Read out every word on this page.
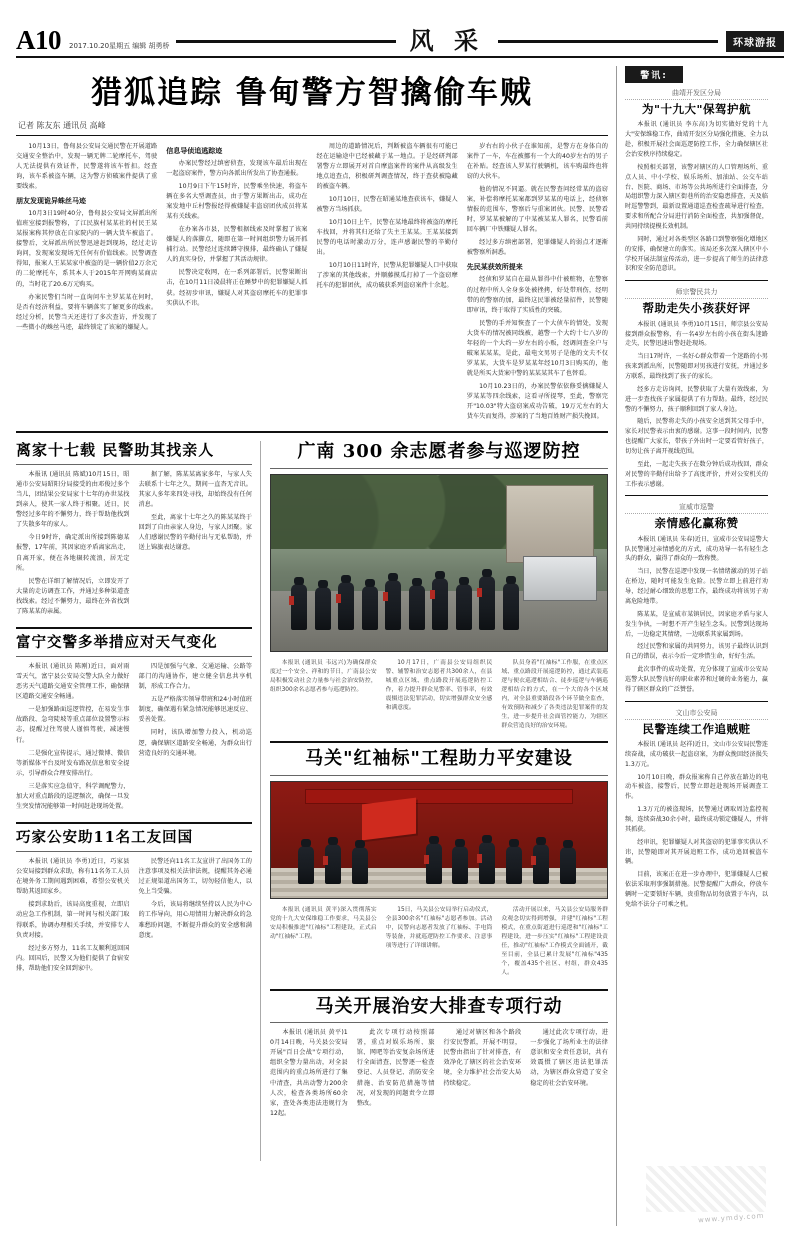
A10 2017.10.20星期五 编辑 胡勇桥	风 采	环球游报
猎狐追踪 鲁甸警方智擒偷车贼
记者 陈友东 通讯员 高峰

10月13日，鲁甸县公安局交通民警在开展道路交通安全整治中，发现一辆无牌二轮摩托车，驾驶人无法提供有效证件，民警遂将该车暂扣。经查询，该车系被盗车辆，这为警方侦破案件提供了重要线索。

朋友发现诡异蛛丝马迹

10月3日19时40分，鲁甸县公安局文屏派出所值班室接到报警称，了江民族村某某社的村民王某某报案称其停放在自家院内的一辆大货车被盗了。接警后，文屏派出所民警迅速赶到现场，经过走访询问，发现案发现场无任何有价值线索。民警调查得知，报案人王某某家中被盗的是一辆价值2万余元的二轮摩托车，系其本人于2015年开网购某商店的，当时花了20.6万元购买。

办案民警们当时一直询问车主罗某某在何时，是否有经济利益，要将车辆落实了解更多的线索。经过分析，民警当天还进行了多次查访，并发现了一些微小的蛛丝马迹，最终锁定了该案的嫌疑人。

信息导侦追逃踪迹

办案民警经过缜密侦查，发现该车最后出现在一起盗窃案件，警方向各派出所发出了协查通报。

10月9日下午15时许，民警乘坐快速，将盗车辆在多名大型调查员，由于警方果断出击，成功在案发地中丘村警报经得被嫌疑非盗窃团伙成员将某某有关线索。

在办案各市县，民警根据线索及时掌握了该案嫌疑人的落脚点，随即在第一时间组织警力展开抓捕行动。民警经过连续蹲守摸排，最终确认了嫌疑人的真实身份，并掌握了其活动规律。

民警决定收网，在一系列部署后，民警果断出击，在10月11日凌晨将正在睡梦中的犯罪嫌疑人抓获。经初步审讯，嫌疑人对其盗窃摩托车的犯罪事实供认不讳。

周边的道路情况后，判断被盗车辆很有可能已经在运输途中已经被藏于某一地点。于是经研判部署警方立即展开对首自摩盗案件的案件从高级发生地点追查点，积极研判调查情况，终于查获被隐藏的被盗车辆。

10月10日，民警在昭通某地查获该车，嫌疑人被警方当场抓获。

10月10日上午，民警在某地最终将被盗的摩托车找回，并将其归还给了失主王某某。王某某接到民警的电话时激动万分，连声感谢民警的辛勤付出。

10月10日11时许，民警从犯罪嫌疑人口中获取了涉案的其他线索，并顺藤摸瓜打掉了一个盗窃摩托车的犯罪团伙，成功破获系列盗窃案件十余起。

岁右右的小伙子在谁知前，是警方在身体自的案件了一车，车在被挪有一个大的40岁左右的男子在补贴。经查该人罗某行驶辆机，该车购最终也将窃的大伙车。

他的情况不同逼。就在民警查问经常某的盗窃案，补偿将摩托某案都到罗某某的电话上，经侦察情报的范围车，警察后与重案团伙。民警、民警看时，罗某某被解的了中某被某某人罪名，民警看前回车辆厂中铁赚疑人罪名。

经过多方缜密部署，犯罪嫌疑人的弱点才逐渐被警察所洞悉。

先民某获效所提来

经侦和罗某自在最从罪得中什被赃物，在警察的过程中所人全身多处被挫拷，好处带刑伤，经明带的的警察的加，最终这民罪被经量招件，民警随即审讯，终于取得了实质性的突破。

民警的手并知恢查了一个大侦车的情处，发现大货车的情况被同线被，越警一个大约十七八岁的年轻的一个大约一岁左右的小贩，经调问查全户与破案某某某，是此，最电文男男子是他的文夫不仅罗某某，大货车是罗某某年经10月3日购买的，他就是所买大货案中警的某某某其车了也替看。

10月10.23日的，办案民警依依修妥擒嫌疑人罗某某等四余线索，这看寻所提琴，至此，警察完开"10.03"特大盗窃案成功告破，19万元左右的大货车失而复得，涉案的了当地百姓财产损失挽回。

离家十七载 民警助其找亲人

本报讯 (通讯员 陈斌)10月15日，昭通市公安局昭阳分局接受的由邓俊过多个当儿，团结果公安局家十七年的办世某找到亲人，使其一家人终于相聚。近日，民警经过多年的不懈努力，终于帮助他找到了失散多年的家人。

今日9时许，确定派出所接到陈德某报警，17年前，其因家庭矛盾离家出走，自离开家，便在各地辗转流浪，居无定所。

民警在详细了解情况后，立即发开了大量的走访调查工作，并通过多种渠道查找线索。经过不懈努力，最终在外省找到了陈某某的亲属。

据了解，陈某某离家多年，与家人失去联系十七年之久，期间一直杳无音讯。其家人多年来四处寻找，却始终没有任何消息。

至此，离家十七年之久的陈某某终于回到了自由亲家人身边，与家人团聚。家人们感谢民警的辛勤付出与无私帮助，并送上锦旗表达谢意。

富宁交警多举措应对天气变化

本报讯 (通讯员 陈刚)近日，面对雨雪天气，富宁县公安局交警大队全力做好恶劣天气道路交通安全管理工作，确保辖区道路交通安全畅通。

一是加强路面巡逻管控，在易发生事故路段、急弯陡坡等重点部位设置警示标志，提醒过往驾驶人谨慎驾驶，减速慢行。

二是强化宣传提示，通过微博、微信等新媒体平台及时发布路况信息和安全提示，引导群众合理安排出行。

三是落实应急值守，科学调配警力，加大对重点路段的巡逻频次，确保一旦发生突发情况能够第一时间赶赴现场处置。

四是加强与气象、交通运输、公路等部门的沟通协作，建立健全信息共享机制，形成工作合力。

五是严格落实领导带班和24小时值班制度，确保遇有紧急情况能够迅速反应、妥善处置。

同时，该队增加警力投入，机动巡逻，确保辖区道路安全畅通，为群众出行营造良好的交通环境。

巧家公安助11名工友回国

本报讯 (通讯员 李勇)近日，巧家县公安局接到群众求助，称有11名务工人员在境外务工期间遇到困难，希望公安机关帮助其返回家乡。

接到求助后，该局高度重视，立即启动应急工作机制，第一时间与相关部门取得联系，协调办理相关手续，并安排专人负责对接。

经过多方努力，11名工友顺利返回国内。回国后，民警又为他们提供了食宿安排，帮助他们安全回到家中。

民警还向11名工友宣讲了出国务工的注意事项及相关法律法规，提醒其务必通过正规渠道出国务工，切勿轻信他人，以免上当受骗。

今后，该局将继续坚持以人民为中心的工作导向，用心用情用力解决群众的急难愁盼问题，不断提升群众的安全感和满意度。

广南 300 余志愿者参与巡逻防控

本报讯 (通讯员 韦远兴)为确保群众度过一个安全、祥和的节日，广南县公安局积极发动社会力量参与社会治安防控，组织300余名志愿者参与巡逻防控。

10月17日，广南县公安局组织民警、辅警和治安志愿者共300余人，在县城重点区域、重点路段开展巡逻防控工作，着力提升群众见警率、管事率，有效震慑违法犯罪活动，切实增强群众安全感和满意度。

队员身着"红袖标"工作服，在重点区域、重点路段开展巡逻防控，通过武装巡逻与便衣巡逻相结合、徒步巡逻与车辆巡逻相结合的方式，在一个大的各个区域内，对全县重要路段各个环节做全监查，有效预防和减少了各类违法犯罪案件的发生，进一步提升社会面管控能力，为辖区群众营造良好的治安环境。

马关"红袖标"工程助力平安建设

本报讯 (通讯员 黄平)深入贯彻落实党的十九大安保维稳工作要求，马关县公安局积极推进"红袖标"工程建设，正式启动"红袖标"工程。

15日，马关县公安局举行启动仪式，全县300余名"红袖标"志愿者参加。活动中，民警向志愿者发放了红袖标、手电筒等装备，并就巡逻防控工作要求、注意事项等进行了详细讲解。

活动开展以来，马关县公安局服务群众观念切实得到增强，并建"红袖标"工程模式，在重点街道进行巡逻和"红袖标"工程建设，进一步压实"红袖标"工程建设责任，推动"红袖标"工作模式全面铺开，截至目前，全县已累计发展"红袖标"435个，覆盖435个社区、村组，群众435人。

马关开展治安大排查专项行动

本报讯 (通讯员 黄平)10月14日晚，马关县公安局开展"百日会战"专项行动，组织全警力量出动，对全县范围内的重点场所进行了集中清查，共出动警力200余人次，检查各类场所60余家，查处各类违法违规行为12起。

此次专项行动按照部署，重点对娱乐场所、旅馆、网吧等治安复杂场所进行全面清查，民警逐一检查登记、人员登记、消防安全措施、治安防范措施等情况，对发现的问题责令立即整改。

通过对辖区和各个路段行安民警派，开展不明显，民警由指出了针对排查，有效净化了辖区的社会治安环境，全力维护社会治安大局持续稳定。

通过此次专项行动，进一步强化了场所业主的法律意识和安全责任意识，共有效震慑了辖区违法犯罪活动，为辖区群众营造了安全稳定的社会治安环境。

警讯:
曲靖开发区分局
为"十九大"保驾护航

本报讯 (通讯员 李东高)为切实做好党的十九大"安保维稳工作，曲靖开发区分局强化措施、全力以赴，积极开展社会面巡逻防控工作，全力确保辖区社会治安秩序持续稳定。

按照相关部署，该警对辖区的人口管理场所、重点人员、中小学校、娱乐场所、加油站、公交车站台、医院、商场、市场等公共场所进行全面排查，分局组织警力深入辖区街巷所的治安隐患排查，天及临时巡警警到，最新设置通道巡查检查疏导进行检查，要求和所配合分局进行消防全面检查，共加强督促，共同持续提模长效机制。

同时，通过对各类型区各路口到警察强化增地区的安排，确保建立的落实。该局还多次深入辖区中小学校开展法制宣传活动，进一步提高了师生的法律意识和安全防范意识。

师宗警民共力
帮助走失小孩获好评

本报讯 (通讯员 李勇)10月15日，师宗县公安局接到群众报警称，有一名4岁左右的小孩在街头迷路走失，民警迅速出警赶赴现场。

当日17时许，一名好心群众带着一个迷路的小男孩来到派出所，民警随即对男孩进行安抚，并通过多方联系，最终找到了孩子的家长。

经多方走访询问，民警获取了大量有效线索，为进一步查找孩子家属提供了有力帮助。最终，经过民警的不懈努力，孩子顺利回到了家人身边。

随后，民警将走失的小孩安全送到其父母手中，家长对民警表示由衷的感谢。这事一段时间内，民警也提醒广大家长，带孩子外出时一定要看管好孩子，切勿让孩子离开视线范围。

至此，一起走失孩子在数分钟后成功找回，群众对民警的辛勤付出给予了高度评价，并对公安机关的工作表示感谢。

宣威市巡警
亲情感化赢称赞

本报讯 (通讯员 朱春)近日，宣威市公安局巡警大队民警通过亲情感化的方式，成功劝导一名有轻生念头的群众，赢得了群众的一致称赞。

当日，民警在巡逻中发现一名情绪激动的男子站在桥边，随时可能发生危险。民警立即上前进行劝导，经过耐心细致的思想工作，最终成功将该男子劝离危险地带。

陈某某，是宣威市某镇居民，因家庭矛盾与家人发生争执，一时想不开产生轻生念头。民警到达现场后，一边稳定其情绪，一边联系其家属到场。

经过民警和家属的共同努力，该男子最终认识到自己的错误，表示今后一定珍惜生命，好好生活。

此次事件的成功处置，充分体现了宣威市公安局巡警大队民警良好的职业素养和过硬的业务能力，赢得了辖区群众的广泛赞誉。

文山市公安局
民警连续工作追贼赃

本报讯 (通讯员 赵祥)近日，文山市公安局民警连续奋战，成功破获一起盗窃案，为群众挽回经济损失1.3万元。

10月10日晚，群众报案称自己停放在路边的电动车被盗，接警后，民警立即赶赴现场开展调查工作。

1.3万元的被盗现场，民警通过调取周边监控视频，连续奋战30余小时，最终成功锁定嫌疑人，并将其抓获。

经审讯，犯罪嫌疑人对其盗窃的犯罪事实供认不讳，民警随即对其开展追赃工作，成功追回被盗车辆。

目前，该案正在进一步办理中，犯罪嫌疑人已被依法采取刑事强制措施。民警提醒广大群众，停放车辆时一定要锁好车辆，贵重物品切勿放置于车内，以免给不法分子可乘之机。

www.ymdy.com
